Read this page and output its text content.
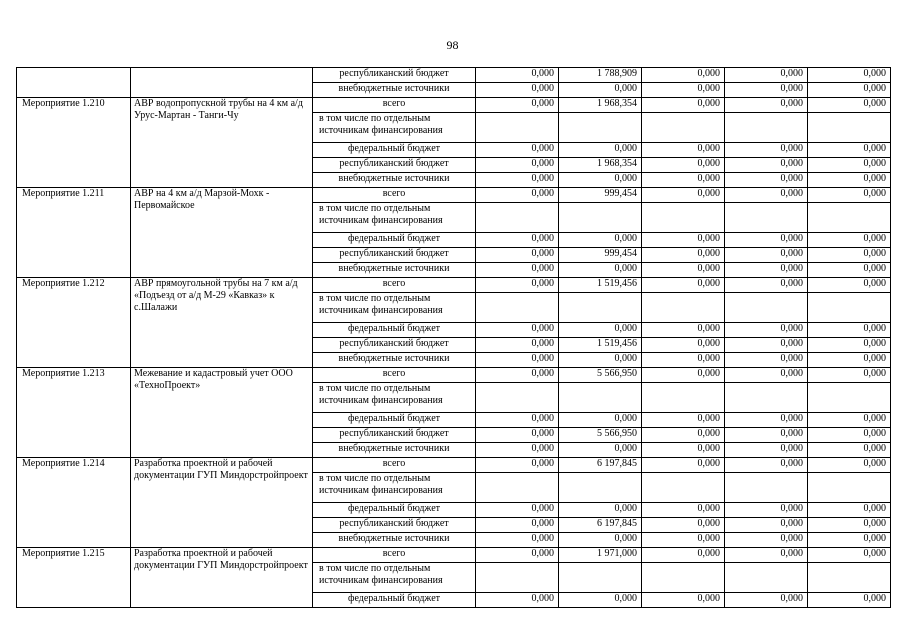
98
		республиканский бюджет	0,000	1 788,909	0,000	0,000	0,000
		внебюджетные источники	0,000	0,000	0,000	0,000	0,000
Мероприятие 1.210	АВР водопропускной трубы на 4 км а/д Урус-Мартан - Танги-Чу	всего	0,000	1 968,354	0,000	0,000	0,000
		в том числе по отдельным источникам финансирования					
		федеральный бюджет	0,000	0,000	0,000	0,000	0,000
		республиканский бюджет	0,000	1 968,354	0,000	0,000	0,000
		внебюджетные источники	0,000	0,000	0,000	0,000	0,000
Мероприятие 1.211	АВР на 4 км а/д Марзой-Мохк - Первомайское	всего	0,000	999,454	0,000	0,000	0,000
		в том числе по отдельным источникам финансирования					
		федеральный бюджет	0,000	0,000	0,000	0,000	0,000
		республиканский бюджет	0,000	999,454	0,000	0,000	0,000
		внебюджетные источники	0,000	0,000	0,000	0,000	0,000
Мероприятие 1.212	АВР прямоугольной трубы на 7 км а/д «Подъезд от а/д М-29 «Кавказ» к с.Шалажи	всего	0,000	1 519,456	0,000	0,000	0,000
		в том числе по отдельным источникам финансирования					
		федеральный бюджет	0,000	0,000	0,000	0,000	0,000
		республиканский бюджет	0,000	1 519,456	0,000	0,000	0,000
		внебюджетные источники	0,000	0,000	0,000	0,000	0,000
Мероприятие 1.213	Межевание и кадастровый учет ООО «ТехноПроект»	всего	0,000	5 566,950	0,000	0,000	0,000
		в том числе по отдельным источникам финансирования					
		федеральный бюджет	0,000	0,000	0,000	0,000	0,000
		республиканский бюджет	0,000	5 566,950	0,000	0,000	0,000
		внебюджетные источники	0,000	0,000	0,000	0,000	0,000
Мероприятие 1.214	Разработка проектной и рабочей документации ГУП Миндорстройпроект	всего	0,000	6 197,845	0,000	0,000	0,000
		в том числе по отдельным источникам финансирования					
		федеральный бюджет	0,000	0,000	0,000	0,000	0,000
		республиканский бюджет	0,000	6 197,845	0,000	0,000	0,000
		внебюджетные источники	0,000	0,000	0,000	0,000	0,000
Мероприятие 1.215	Разработка проектной и рабочей документации ГУП Миндорстройпроект	всего	0,000	1 971,000	0,000	0,000	0,000
		в том числе по отдельным источникам финансирования					
		федеральный бюджет	0,000	0,000	0,000	0,000	0,000
